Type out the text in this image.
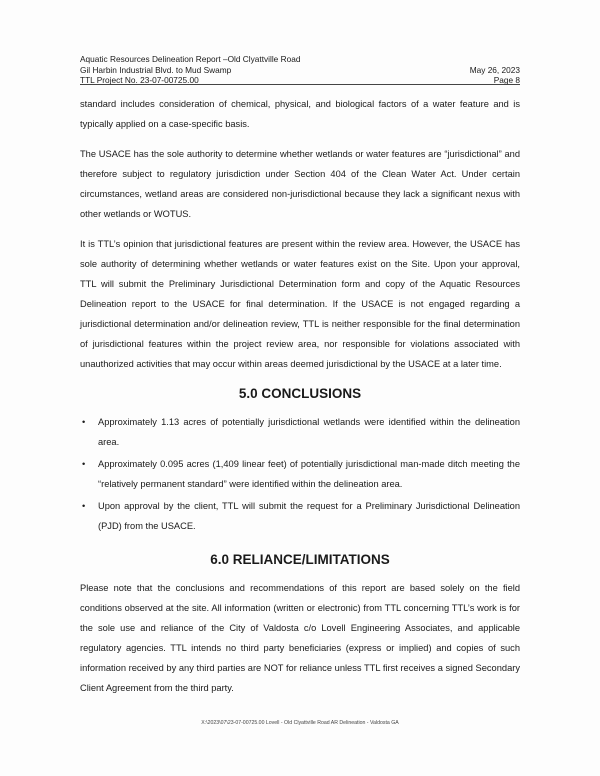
Aquatic Resources Delineation Report –Old Clyattville Road
Gil Harbin Industrial Blvd. to Mud Swamp
TTL Project No. 23-07-00725.00
May 26, 2023
Page 8

standard includes consideration of chemical, physical, and biological factors of a water feature and is typically applied on a case-specific basis.

The USACE has the sole authority to determine whether wetlands or water features are “jurisdictional” and therefore subject to regulatory jurisdiction under Section 404 of the Clean Water Act. Under certain circumstances, wetland areas are considered non-jurisdictional because they lack a significant nexus with other wetlands or WOTUS.

It is TTL’s opinion that jurisdictional features are present within the review area. However, the USACE has sole authority of determining whether wetlands or water features exist on the Site. Upon your approval, TTL will submit the Preliminary Jurisdictional Determination form and copy of the Aquatic Resources Delineation report to the USACE for final determination. If the USACE is not engaged regarding a jurisdictional determination and/or delineation review, TTL is neither responsible for the final determination of jurisdictional features within the project review area, nor responsible for violations associated with unauthorized activities that may occur within areas deemed jurisdictional by the USACE at a later time.

5.0 CONCLUSIONS
• Approximately 1.13 acres of potentially jurisdictional wetlands were identified within the delineation area.
• Approximately 0.095 acres (1,409 linear feet) of potentially jurisdictional man-made ditch meeting the “relatively permanent standard” were identified within the delineation area.
• Upon approval by the client, TTL will submit the request for a Preliminary Jurisdictional Delineation (PJD) from the USACE.
6.0 RELIANCE/LIMITATIONS

Please note that the conclusions and recommendations of this report are based solely on the field conditions observed at the site. All information (written or electronic) from TTL concerning TTL’s work is for the sole use and reliance of the City of Valdosta c/o Lovell Engineering Associates, and applicable regulatory agencies. TTL intends no third party beneficiaries (express or implied) and copies of such information received by any third parties are NOT for reliance unless TTL first receives a signed Secondary Client Agreement from the third party.

X:\2023\07\23-07-00725.00 Lovell - Old Clyattville Road AR Delineation - Valdosta GA
